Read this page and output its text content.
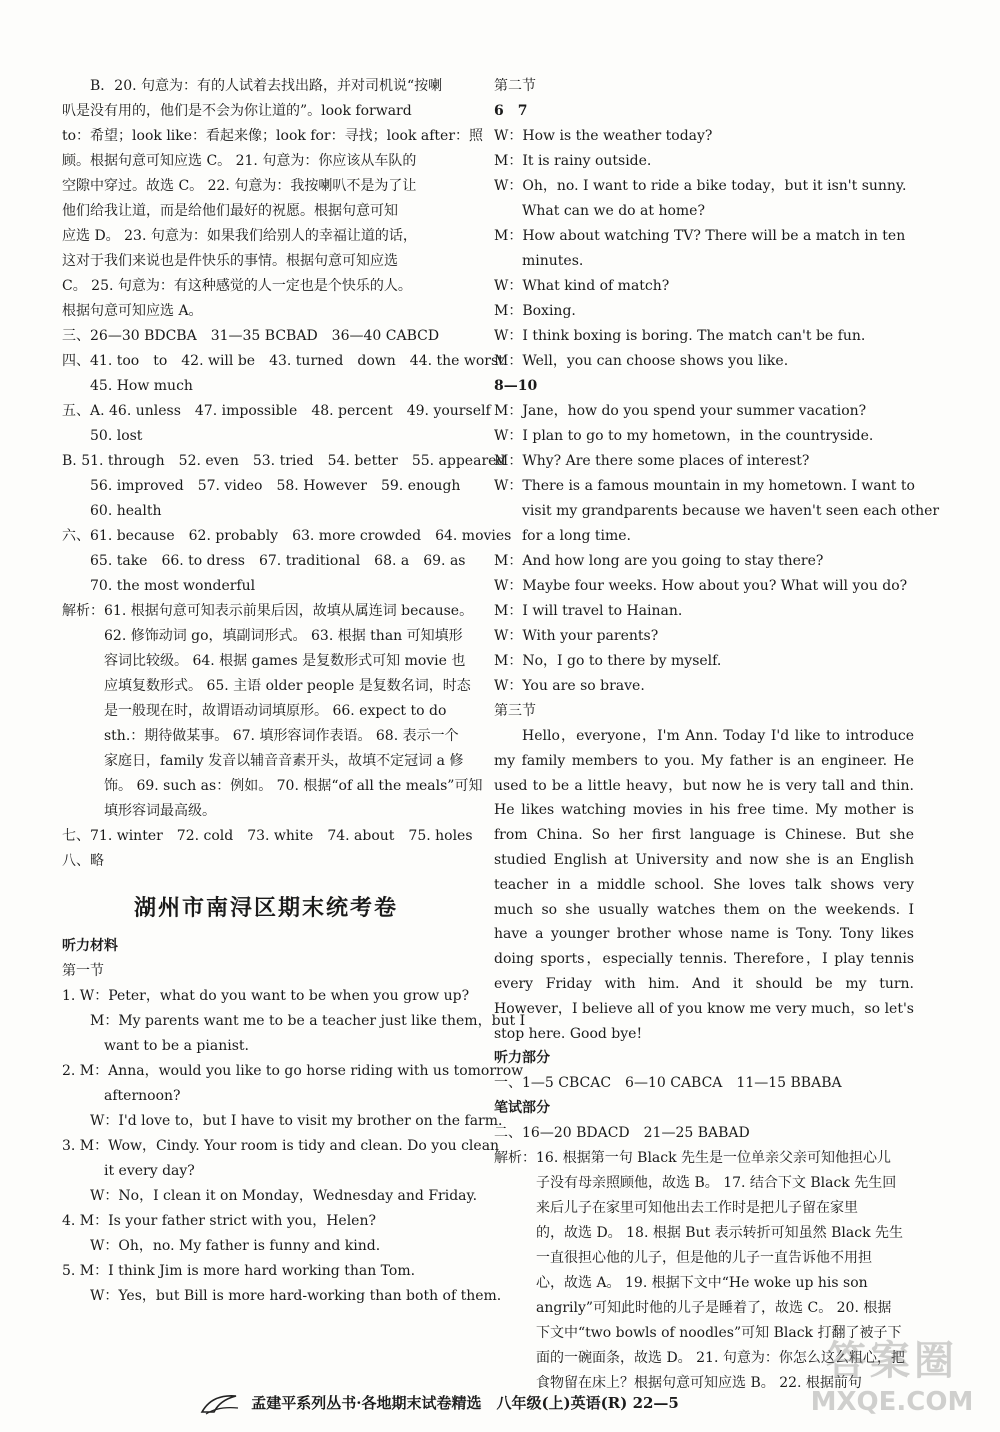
B．20. 句意为：有的人试着去找出路，并对司机说“按喇
叭是没有用的，他们是不会为你让道的”。look forward
to：希望；look like：看起来像；look for：寻找；look after：照
顾。根据句意可知应选 C。 21. 句意为：你应该从车队的
空隙中穿过。故选 C。 22. 句意为：我按喇叭不是为了让
他们给我让道，而是给他们最好的祝愿。根据句意可知
应选 D。 23. 句意为：如果我们给别人的幸福让道的话，
这对于我们来说也是件快乐的事情。根据句意可知应选
C。 25. 句意为：有这种感觉的人一定也是个快乐的人。
根据句意可知应选 A。
三、26—30 BDCBA　31—35 BCBAD　36—40 CABCD
四、41. too　to　42. will be　43. turned　down　44. the worst
45. How much
五、A. 46. unless　47. impossible　48. percent　49. yourself
50. lost
B. 51. through　52. even　53. tried　54. better　55. appeared
56. improved　57. video　58. However　59. enough
60. health
六、61. because　62. probably　63. more crowded　64. movies
65. take　66. to dress　67. traditional　68. a　69. as
70. the most wonderful
解析：61. 根据句意可知表示前果后因，故填从属连词 because。
62. 修饰动词 go，填副词形式。 63. 根据 than 可知填形
容词比较级。 64. 根据 games 是复数形式可知 movie 也
应填复数形式。 65. 主语 older people 是复数名词，时态
是一般现在时，故谓语动词填原形。 66. expect to do
sth.：期待做某事。 67. 填形容词作表语。 68. 表示一个
家庭日，family 发音以辅音音素开头，故填不定冠词 a 修
饰。 69. such as：例如。 70. 根据“of all the meals”可知
填形容词最高级。
七、71. winter　72. cold　73. white　74. about　75. holes
八、略
湖州市南浔区期末统考卷
听力材料
第一节
1. W：Peter，what do you want to be when you grow up?
M：My parents want me to be a teacher just like them，but I
want to be a pianist.
2. M：Anna，would you like to go horse riding with us tomorrow
afternoon?
W：I'd love to，but I have to visit my brother on the farm.
3. M：Wow，Cindy. Your room is tidy and clean. Do you clean
it every day?
W：No，I clean it on Monday，Wednesday and Friday.
4. M：Is your father strict with you，Helen?
W：Oh，no. My father is funny and kind.
5. M：I think Jim is more hard working than Tom.
W：Yes，but Bill is more hard-working than both of them.
第二节
6　7
W：How is the weather today?
M：It is rainy outside.
W：Oh，no. I want to ride a bike today，but it isn't sunny.
What can we do at home?
M：How about watching TV? There will be a match in ten
minutes.
W：What kind of match?
M：Boxing.
W：I think boxing is boring. The match can't be fun.
M：Well，you can choose shows you like.
8—10
M：Jane，how do you spend your summer vacation?
W：I plan to go to my hometown，in the countryside.
M：Why? Are there some places of interest?
W：There is a famous mountain in my hometown. I want to
visit my grandparents because we haven't seen each other
for a long time.
M：And how long are you going to stay there?
W：Maybe four weeks. How about you? What will you do?
M：I will travel to Hainan.
W：With your parents?
M：No，I go to there by myself.
W：You are so brave.
第三节

Hello，everyone，I'm Ann. Today I'd like to introduce my family members to you. My father is an engineer. He used to be a little heavy，but now he is very tall and thin. He likes watching movies in his free time. My mother is from China. So her first language is Chinese. But she studied English at University and now she is an English teacher in a middle school. She loves talk shows very much so she usually watches them on the weekends. I have a younger brother whose name is Tony. Tony likes doing sports，especially tennis. Therefore，I play tennis every Friday with him. And it should be my turn. However，I believe all of you know me very much，so let's stop here. Good bye!

听力部分
一、1—5 CBCAC　6—10 CABCA　11—15 BBABA
笔试部分
二、16—20 BDACD　21—25 BABAD
解析：16. 根据第一句 Black 先生是一位单亲父亲可知他担心儿
子没有母亲照顾他，故选 B。 17. 结合下文 Black 先生回
来后儿子在家里可知他出去工作时是把儿子留在家里
的，故选 D。 18. 根据 But 表示转折可知虽然 Black 先生
一直很担心他的儿子，但是他的儿子一直告诉他不用担
心，故选 A。 19. 根据下文中“He woke up his son
angrily”可知此时他的儿子是睡着了，故选 C。 20. 根据
下文中“two bowls of noodles”可知 Black 打翻了被子下
面的一碗面条，故选 D。 21. 句意为：你怎么这么粗心，把
食物留在床上？根据句意可知应选 B。 22. 根据前句
孟建平系列丛书·各地期末试卷精选　八年级(上)英语(R) 22—5
答案圈
MXQE.COM
